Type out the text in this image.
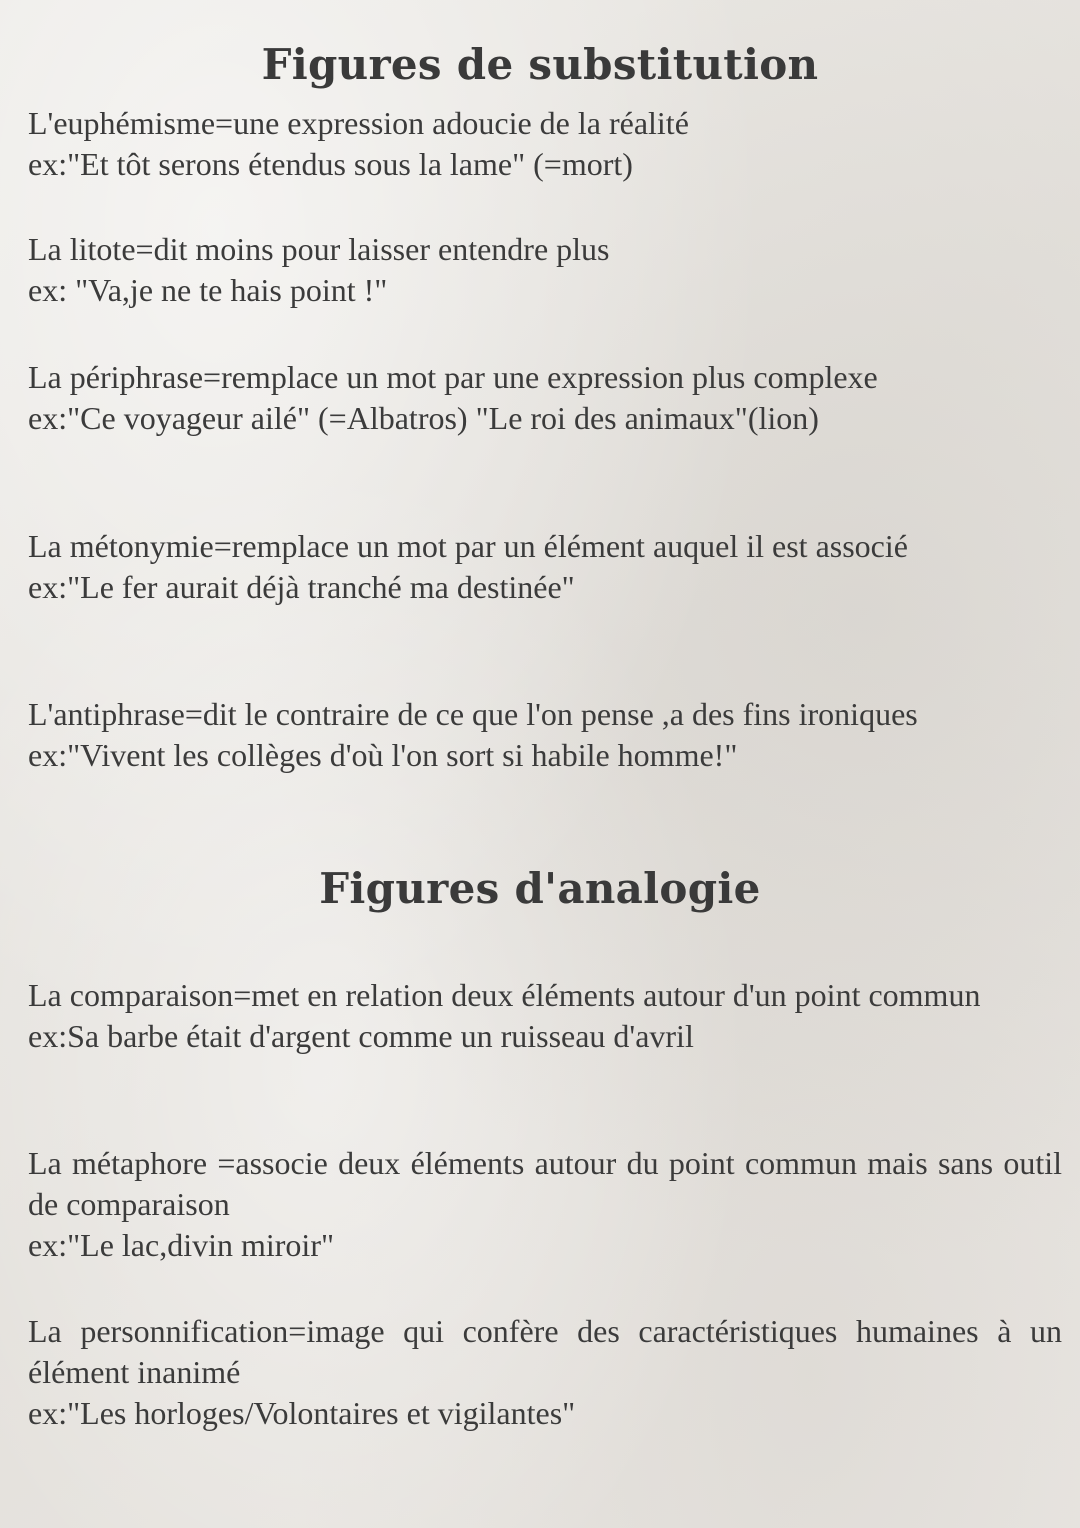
Figures de substitution
L'euphémisme=une expression adoucie de la réalité
ex:"Et tôt serons étendus sous la lame" (=mort)
La litote=dit moins pour laisser entendre plus
ex: "Va,je ne te hais point !"
La périphrase=remplace un mot par une expression plus complexe
ex:"Ce voyageur ailé" (=Albatros) "Le roi des animaux"(lion)
La métonymie=remplace un mot par un élément auquel il est associé
ex:"Le fer aurait déjà tranché ma destinée"
L'antiphrase=dit le contraire de ce que l'on pense ,a des fins ironiques
ex:"Vivent les collèges d'où l'on sort si habile homme!"
Figures d'analogie
La comparaison=met en relation deux éléments autour d'un point commun
ex:Sa barbe était d'argent comme un ruisseau d'avril
La métaphore =associe deux éléments autour du point commun mais sans outil de comparaison
ex:"Le lac,divin miroir"
La personnification=image qui confère des caractéristiques humaines à un élément inanimé
ex:"Les horloges/Volontaires et vigilantes"
